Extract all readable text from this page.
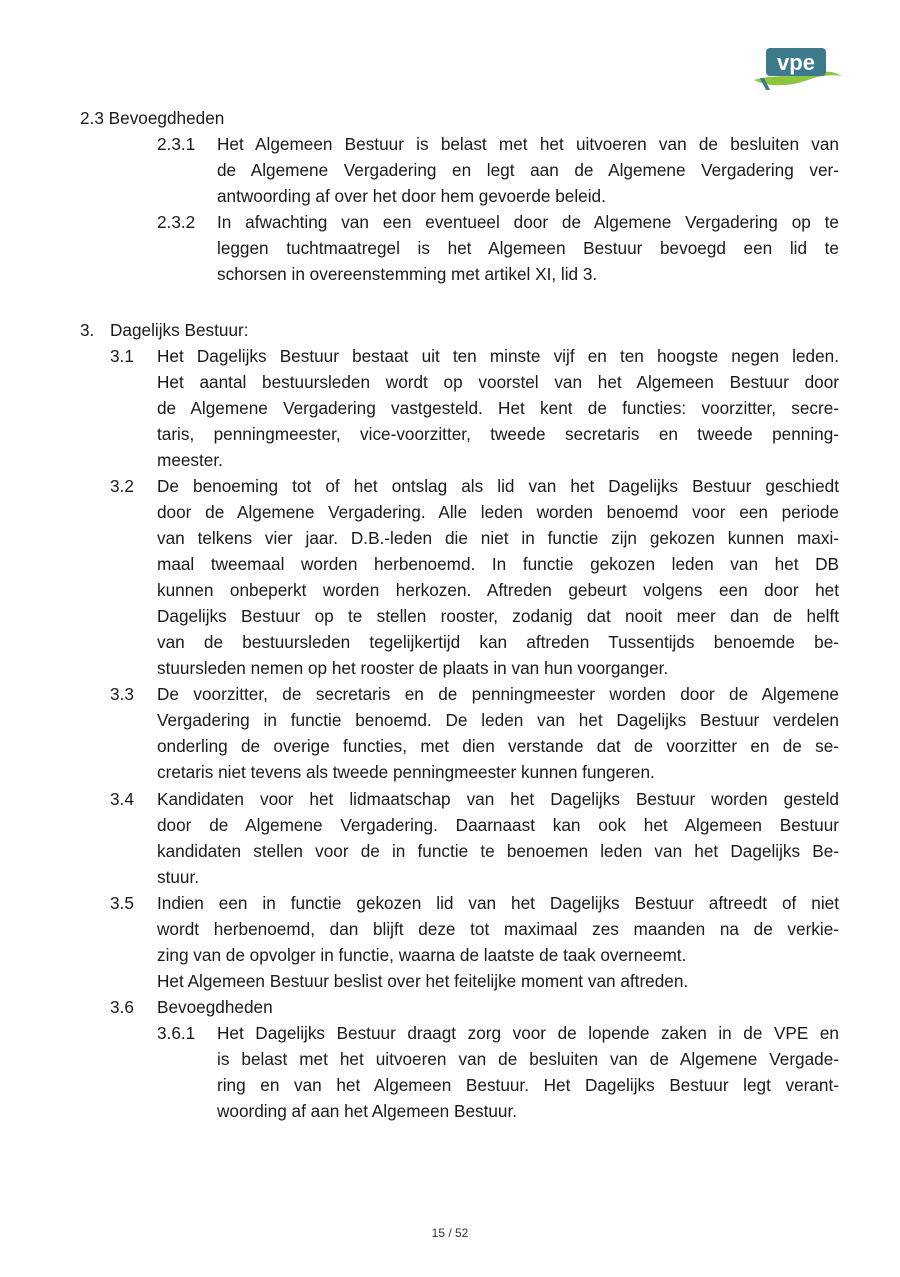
vpe
2.3 Bevoegdheden
2.3.1 Het Algemeen Bestuur is belast met het uitvoeren van de besluiten van
de Algemene Vergadering en legt aan de Algemene Vergadering ver-
antwoording af over het door hem gevoerde beleid.
2.3.2 In afwachting van een eventueel door de Algemene Vergadering op te
leggen tuchtmaatregel is het Algemeen Bestuur bevoegd een lid te
schorsen in overeenstemming met artikel XI, lid 3.
3. Dagelijks Bestuur:
3.1 Het Dagelijks Bestuur bestaat uit ten minste vijf en ten hoogste negen leden.
Het aantal bestuursleden wordt op voorstel van het Algemeen Bestuur door
de Algemene Vergadering vastgesteld. Het kent de functies: voorzitter, secre-
taris, penningmeester, vice-voorzitter, tweede secretaris en tweede penning-
meester.
3.2 De benoeming tot of het ontslag als lid van het Dagelijks Bestuur geschiedt
door de Algemene Vergadering. Alle leden worden benoemd voor een periode
van telkens vier jaar. D.B.-leden die niet in functie zijn gekozen kunnen maxi-
maal tweemaal worden herbenoemd. In functie gekozen leden van het DB
kunnen onbeperkt worden herkozen. Aftreden gebeurt volgens een door het
Dagelijks Bestuur op te stellen rooster, zodanig dat nooit meer dan de helft
van de bestuursleden tegelijkertijd kan aftreden Tussentijds benoemde be-
stuursleden nemen op het rooster de plaats in van hun voorganger.
3.3 De voorzitter, de secretaris en de penningmeester worden door de Algemene
Vergadering in functie benoemd. De leden van het Dagelijks Bestuur verdelen
onderling de overige functies, met dien verstande dat de voorzitter en de se-
cretaris niet tevens als tweede penningmeester kunnen fungeren.
3.4 Kandidaten voor het lidmaatschap van het Dagelijks Bestuur worden gesteld
door de Algemene Vergadering. Daarnaast kan ook het Algemeen Bestuur
kandidaten stellen voor de in functie te benoemen leden van het Dagelijks Be-
stuur.
3.5 Indien een in functie gekozen lid van het Dagelijks Bestuur aftreedt of niet
wordt herbenoemd, dan blijft deze tot maximaal zes maanden na de verkie-
zing van de opvolger in functie, waarna de laatste de taak overneemt.
Het Algemeen Bestuur beslist over het feitelijke moment van aftreden.
3.6 Bevoegdheden
3.6.1 Het Dagelijks Bestuur draagt zorg voor de lopende zaken in de VPE en
is belast met het uitvoeren van de besluiten van de Algemene Vergade-
ring en van het Algemeen Bestuur. Het Dagelijks Bestuur legt verant-
woording af aan het Algemeen Bestuur.
15 / 52
